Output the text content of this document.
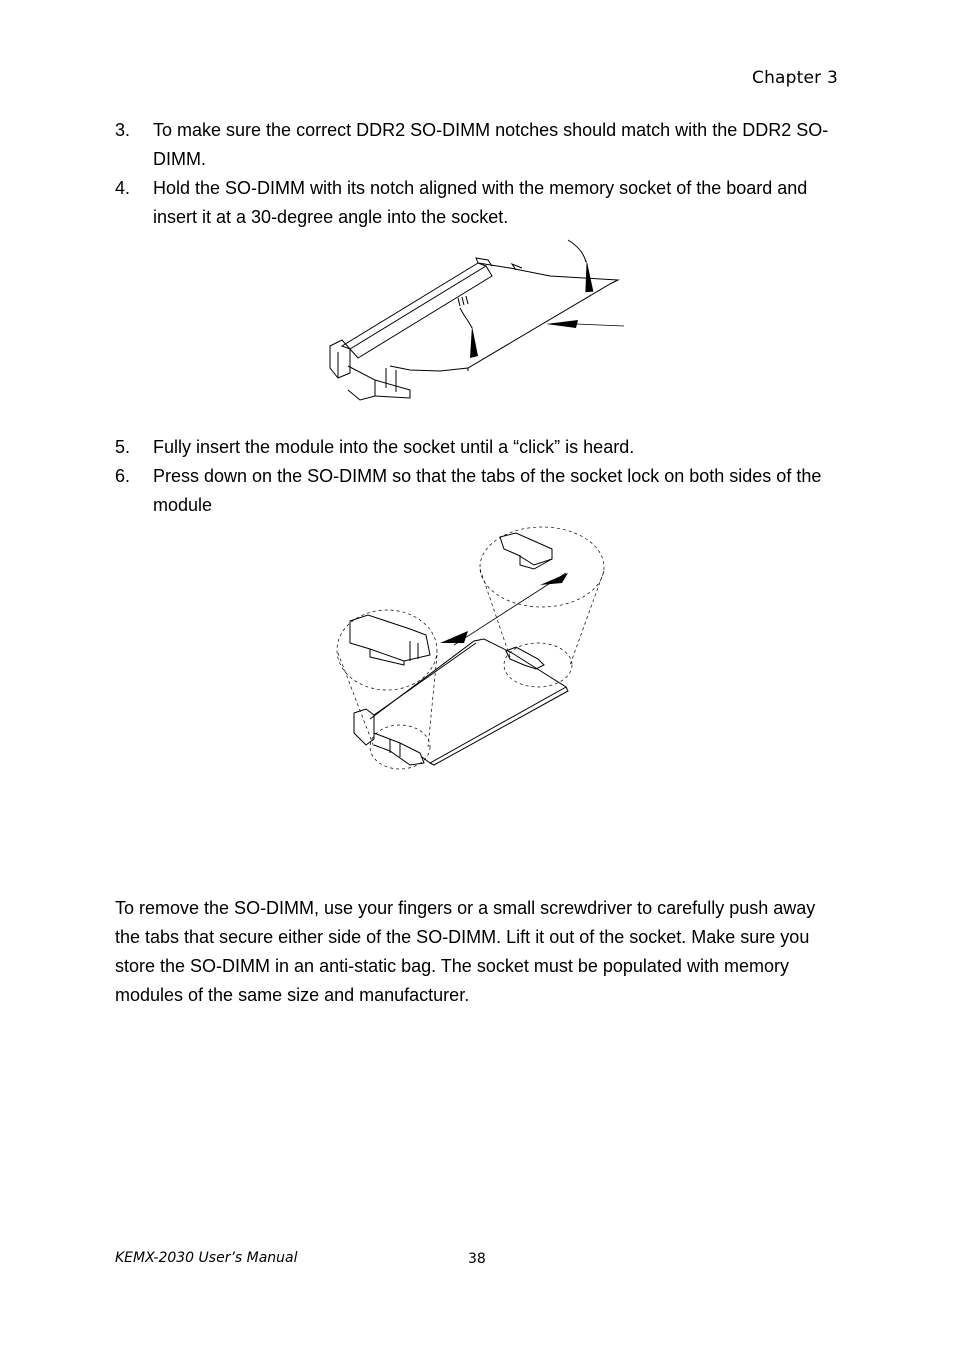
Chapter 3
3. To make sure the correct DDR2 SO-DIMM notches should match with the DDR2 SO-DIMM.
4. Hold the SO-DIMM with its notch aligned with the memory socket of the board and insert it at a 30-degree angle into the socket.
5. Fully insert the module into the socket until a “click” is heard.
6. Press down on the SO-DIMM so that the tabs of the socket lock on both sides of the module

To remove the SO-DIMM, use your fingers or a small screwdriver to carefully push away the tabs that secure either side of the SO-DIMM. Lift it out of the socket. Make sure you store the SO-DIMM in an anti-static bag. The socket must be populated with memory modules of the same size and manufacturer.

KEMX-2030 User’s Manual	38
